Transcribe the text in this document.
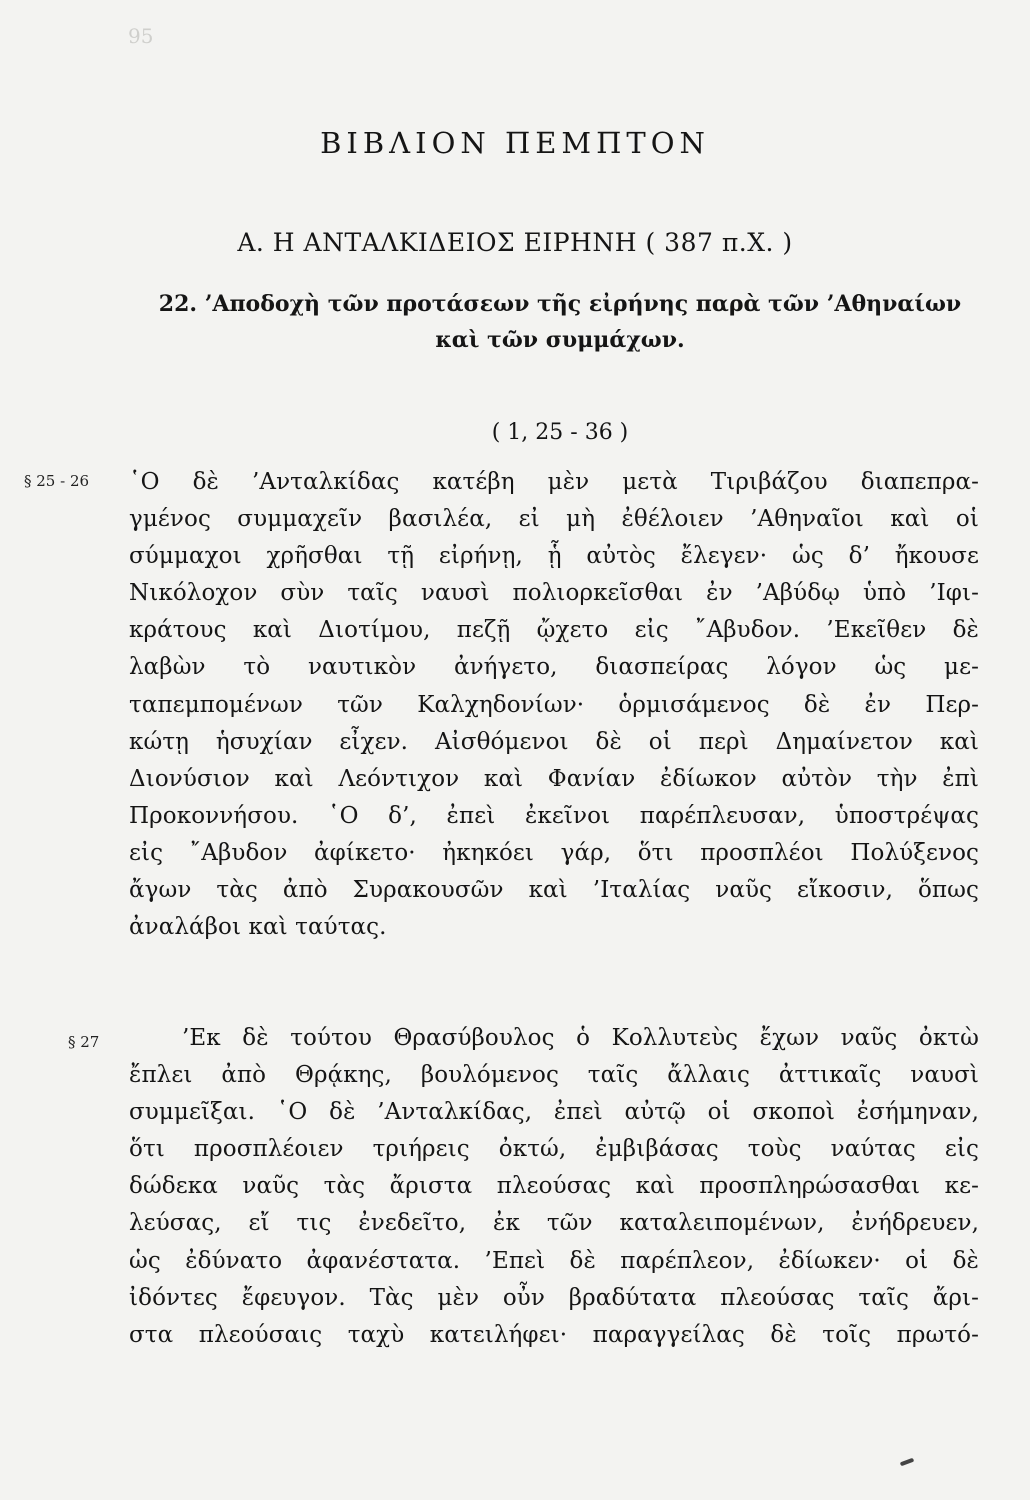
95
ΒΙΒΛΙΟΝ ΠΕΜΠΤΟΝ
Α. Η ΑΝΤΑΛΚΙΔΕΙΟΣ ΕΙΡΗΝΗ ( 387 π.Χ. )
22. ’Αποδοχὴ τῶν προτάσεων τῆς εἰρήνης παρὰ τῶν ’Αθηναίων
καὶ τῶν συμμάχων.
( 1, 25 - 36 )
§ 25 - 26 ῾Ο δὲ ’Ανταλκίδας κατέβη μὲν μετὰ Τιριβάζου διαπεπρα-
γμένος συμμαχεῖν βασιλέα, εἰ μὴ ἐθέλοιεν ’Αθηναῖοι καὶ οἱ
σύμμαχοι χρῆσθαι τῇ εἰρήνῃ, ᾗ αὐτὸς ἔλεγεν· ὡς δ’ ἤκουσε
Νικόλοχον σὺν ταῖς ναυσὶ πολιορκεῖσθαι ἐν ’Αβύδῳ ὑπὸ ’Ιφι-
κράτους καὶ Διοτίμου, πεζῇ ᾤχετο εἰς ῎Αβυδον. ’Εκεῖθεν δὲ
λαβὼν τὸ ναυτικὸν ἀνήγετο, διασπείρας λόγον ὡς με-
ταπεμπομένων τῶν Καλχηδονίων· ὁρμισάμενος δὲ ἐν Περ-
κώτῃ ἡσυχίαν εἶχεν. Αἰσθόμενοι δὲ οἱ περὶ Δημαίνετον καὶ
Διονύσιον καὶ Λεόντιχον καὶ Φανίαν ἐδίωκον αὐτὸν τὴν ἐπὶ
Προκοννήσου. ῾Ο δ’, ἐπεὶ ἐκεῖνοι παρέπλευσαν, ὑποστρέψας
εἰς ῎Αβυδον ἀφίκετο· ἠκηκόει γάρ, ὅτι προσπλέοι Πολύξενος
ἄγων τὰς ἀπὸ Συρακουσῶν καὶ ’Ιταλίας ναῦς εἴκοσιν, ὅπως
ἀναλάβοι καὶ ταύτας.
§ 27	’Εκ δὲ τούτου Θρασύβουλος ὁ Κολλυτεὺς ἔχων ναῦς ὀκτὼ
ἔπλει ἀπὸ Θρᾴκης, βουλόμενος ταῖς ἄλλαις ἀττικαῖς ναυσὶ
συμμεῖξαι. ῾Ο δὲ ’Ανταλκίδας, ἐπεὶ αὐτῷ οἱ σκοποὶ ἐσήμηναν,
ὅτι προσπλέοιεν τριήρεις ὀκτώ, ἐμβιβάσας τοὺς ναύτας εἰς
δώδεκα ναῦς τὰς ἄριστα πλεούσας καὶ προσπληρώσασθαι κε-
λεύσας, εἴ τις ἐνεδεῖτο, ἐκ τῶν καταλειπομένων, ἐνήδρευεν,
ὡς ἐδύνατο ἀφανέστατα. ’Επεὶ δὲ παρέπλεον, ἐδίωκεν· οἱ δὲ
ἰδόντες ἔφευγον. Τὰς μὲν οὖν βραδύτατα πλεούσας ταῖς ἄρι-
στα πλεούσαις ταχὺ κατειλήφει· παραγγείλας δὲ τοῖς πρωτό-
